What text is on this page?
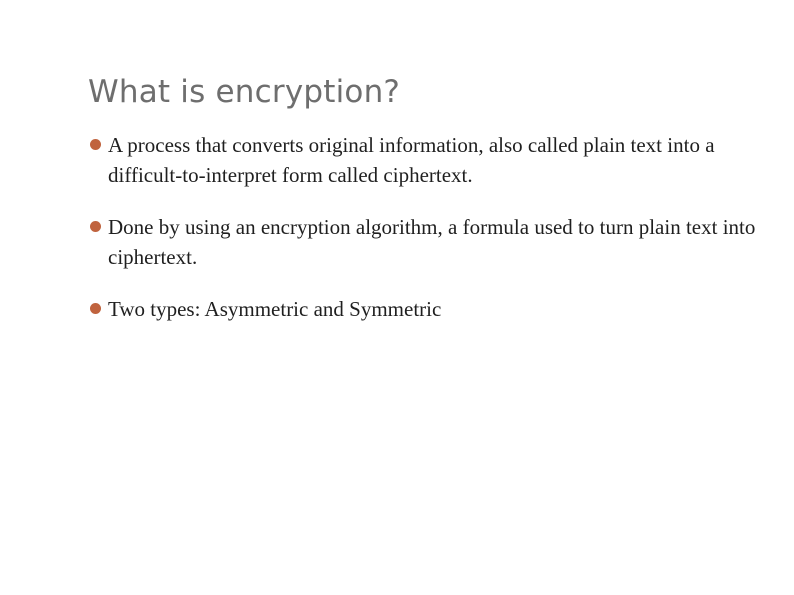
What is encryption?
A process that converts original information, also called plain text into a difficult-to-interpret form called ciphertext.
Done by using an encryption algorithm, a formula used to turn plain text into ciphertext.
Two types: Asymmetric and Symmetric
